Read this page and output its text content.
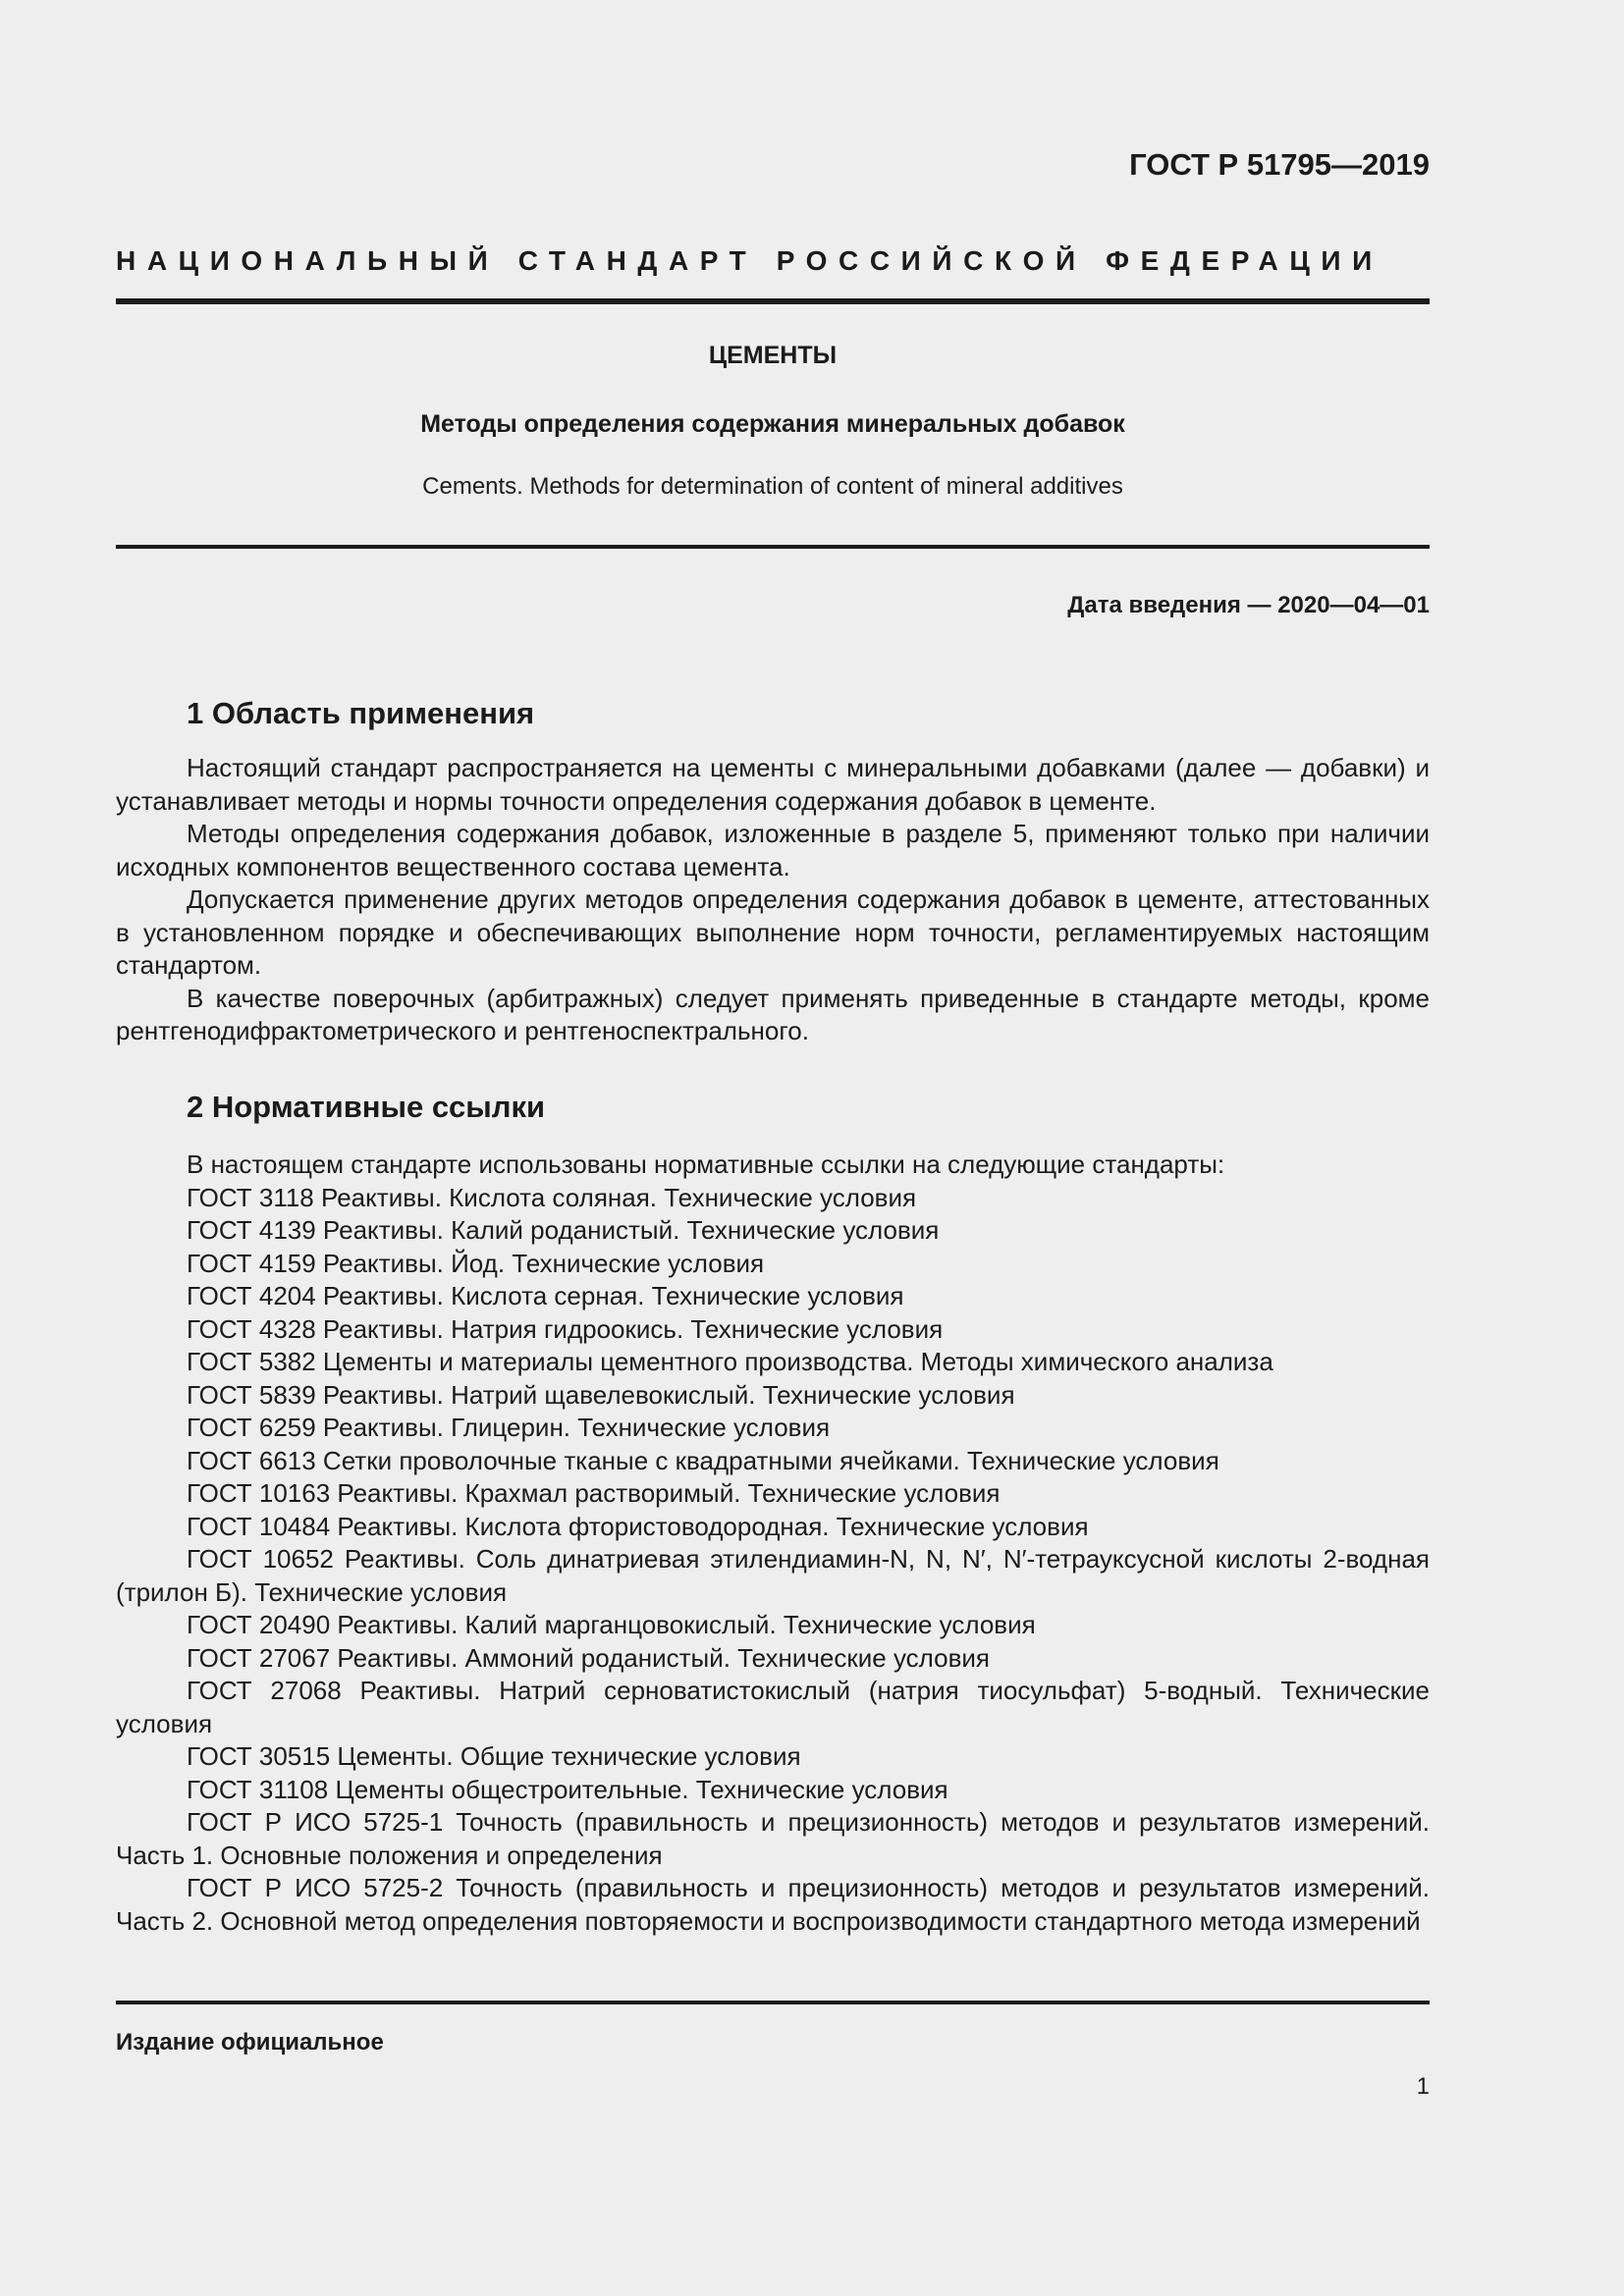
ГОСТ Р 51795—2019
НАЦИОНАЛЬНЫЙ СТАНДАРТ РОССИЙСКОЙ ФЕДЕРАЦИИ
ЦЕМЕНТЫ
Методы определения содержания минеральных добавок
Cements. Methods for determination of content of mineral additives
Дата введения — 2020—04—01
1 Область применения

Настоящий стандарт распространяется на цементы с минеральными добавками (далее — добавки) и устанавливает методы и нормы точности определения содержания добавок в цементе.

Методы определения содержания добавок, изложенные в разделе 5, применяют только при наличии исходных компонентов вещественного состава цемента.

Допускается применение других методов определения содержания добавок в цементе, аттестованных в установленном порядке и обеспечивающих выполнение норм точности, регламентируемых настоящим стандартом.

В качестве поверочных (арбитражных) следует применять приведенные в стандарте методы, кроме рентгенодифрактометрического и рентгеноспектрального.

2 Нормативные ссылки

В настоящем стандарте использованы нормативные ссылки на следующие стандарты:

ГОСТ 3118 Реактивы. Кислота соляная. Технические условия

ГОСТ 4139 Реактивы. Калий роданистый. Технические условия

ГОСТ 4159 Реактивы. Йод. Технические условия

ГОСТ 4204 Реактивы. Кислота серная. Технические условия

ГОСТ 4328 Реактивы. Натрия гидроокись. Технические условия

ГОСТ 5382 Цементы и материалы цементного производства. Методы химического анализа

ГОСТ 5839 Реактивы. Натрий щавелевокислый. Технические условия

ГОСТ 6259 Реактивы. Глицерин. Технические условия

ГОСТ 6613 Сетки проволочные тканые с квадратными ячейками. Технические условия

ГОСТ 10163 Реактивы. Крахмал растворимый. Технические условия

ГОСТ 10484 Реактивы. Кислота фтористоводородная. Технические условия

ГОСТ 10652 Реактивы. Соль динатриевая этилендиамин-N, N, N′, N′-тетрауксусной кислоты 2-водная (трилон Б). Технические условия

ГОСТ 20490 Реактивы. Калий марганцовокислый. Технические условия

ГОСТ 27067 Реактивы. Аммоний роданистый. Технические условия

ГОСТ 27068 Реактивы. Натрий серноватистокислый (натрия тиосульфат) 5-водный. Технические условия

ГОСТ 30515 Цементы. Общие технические условия

ГОСТ 31108 Цементы общестроительные. Технические условия

ГОСТ Р ИСО 5725-1 Точность (правильность и прецизионность) методов и результатов измерений. Часть 1. Основные положения и определения

ГОСТ Р ИСО 5725-2 Точность (правильность и прецизионность) методов и результатов измерений. Часть 2. Основной метод определения повторяемости и воспроизводимости стандартного метода измерений

Издание официальное
1
